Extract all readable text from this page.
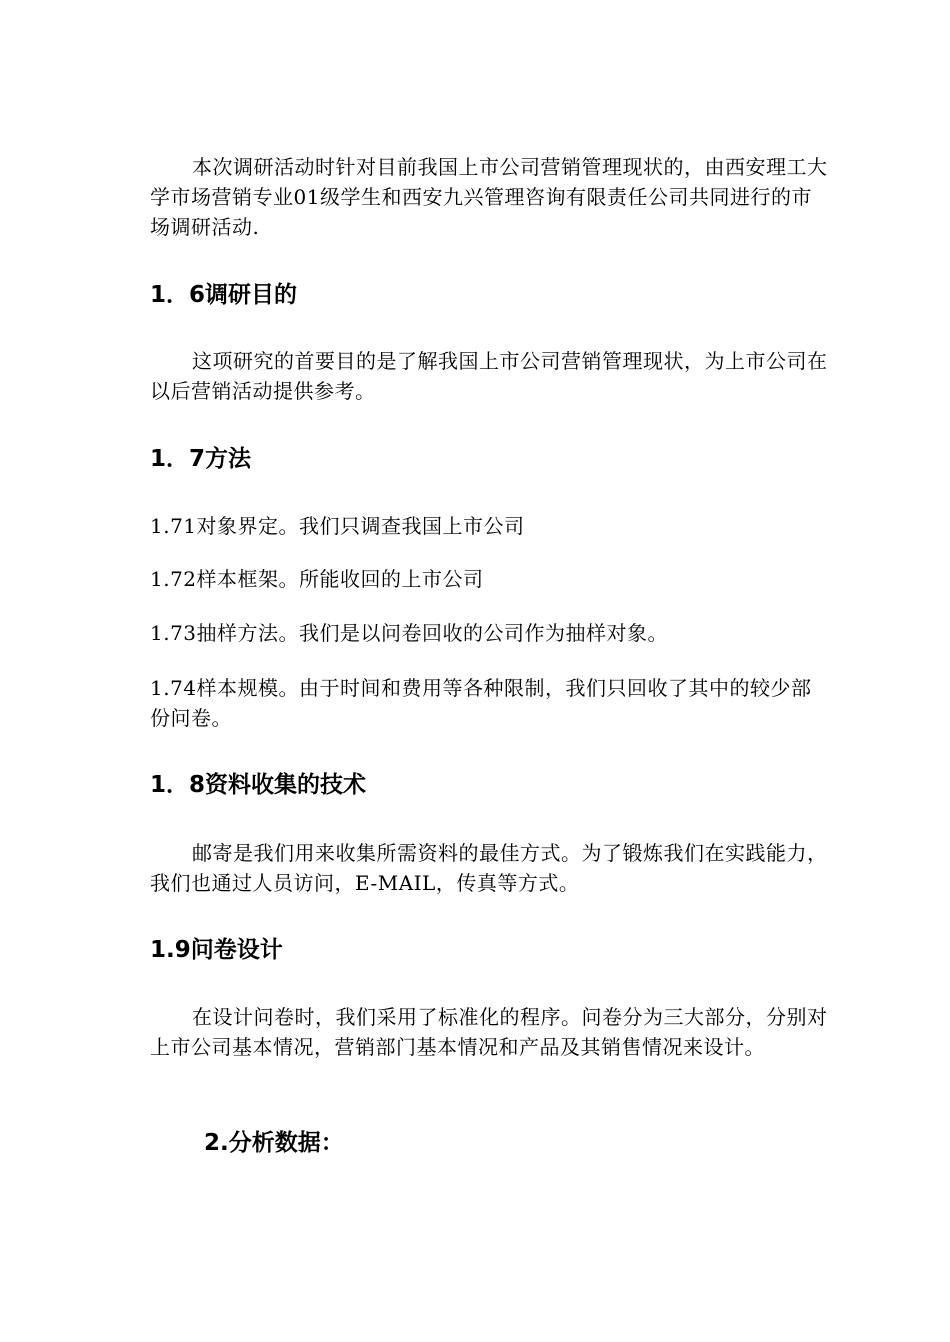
本次调研活动时针对目前我国上市公司营销管理现状的，由西安理工大学市场营销专业01级学生和西安九兴管理咨询有限责任公司共同进行的市场调研活动.

1．6调研目的

这项研究的首要目的是了解我国上市公司营销管理现状，为上市公司在以后营销活动提供参考。

1．7方法

1.71对象界定。我们只调查我国上市公司

1.72样本框架。所能收回的上市公司

1.73抽样方法。我们是以问卷回收的公司作为抽样对象。

1.74样本规模。由于时间和费用等各种限制，我们只回收了其中的较少部份问卷。

1．8资料收集的技术

邮寄是我们用来收集所需资料的最佳方式。为了锻炼我们在实践能力，我们也通过人员访问，E-MAIL，传真等方式。

1.9问卷设计

在设计问卷时，我们采用了标准化的程序。问卷分为三大部分，分别对上市公司基本情况，营销部门基本情况和产品及其销售情况来设计。

2.分析数据：
